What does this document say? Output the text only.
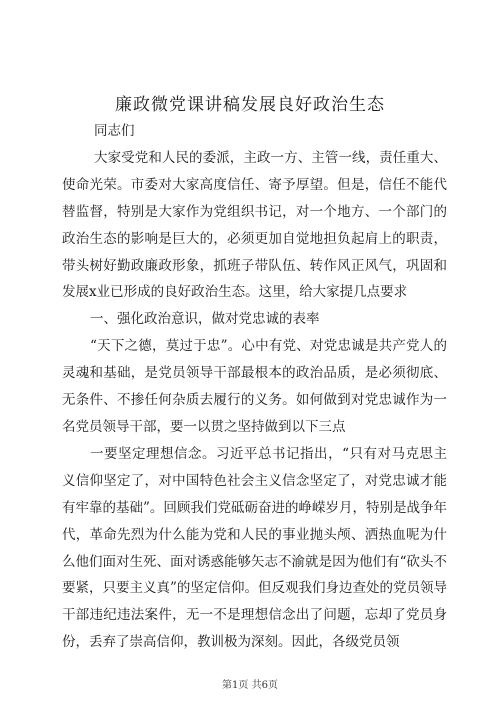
廉政微党课讲稿发展良好政治生态

同志们

大家受党和人民的委派，主政一方、主管一线，责任重大、使命光荣。市委对大家高度信任、寄予厚望。但是，信任不能代替监督，特别是大家作为党组织书记，对一个地方、一个部门的政治生态的影响是巨大的，必须更加自觉地担负起肩上的职责，带头树好勤政廉政形象，抓班子带队伍、转作风正风气，巩固和发展x业已形成的良好政治生态。这里，给大家提几点要求

一、强化政治意识，做对党忠诚的表率

“天下之德，莫过于忠”。心中有党、对党忠诚是共产党人的灵魂和基础，是党员领导干部最根本的政治品质，是必须彻底、无条件、不掺任何杂质去履行的义务。如何做到对党忠诚作为一名党员领导干部，要一以贯之坚持做到以下三点

一要坚定理想信念。习近平总书记指出，“只有对马克思主义信仰坚定了，对中国特色社会主义信念坚定了，对党忠诚才能有牢靠的基础”。回顾我们党砥砺奋进的峥嵘岁月，特别是战争年代，革命先烈为什么能为党和人民的事业抛头颅、洒热血呢为什么他们面对生死、面对诱惑能够矢志不渝就是因为他们有“砍头不要紧，只要主义真”的坚定信仰。但反观我们身边查处的党员领导干部违纪违法案件，无一不是理想信念出了问题，忘却了党员身份，丢弃了崇高信仰，教训极为深刻。因此，各级党员领

第1页 共6页
